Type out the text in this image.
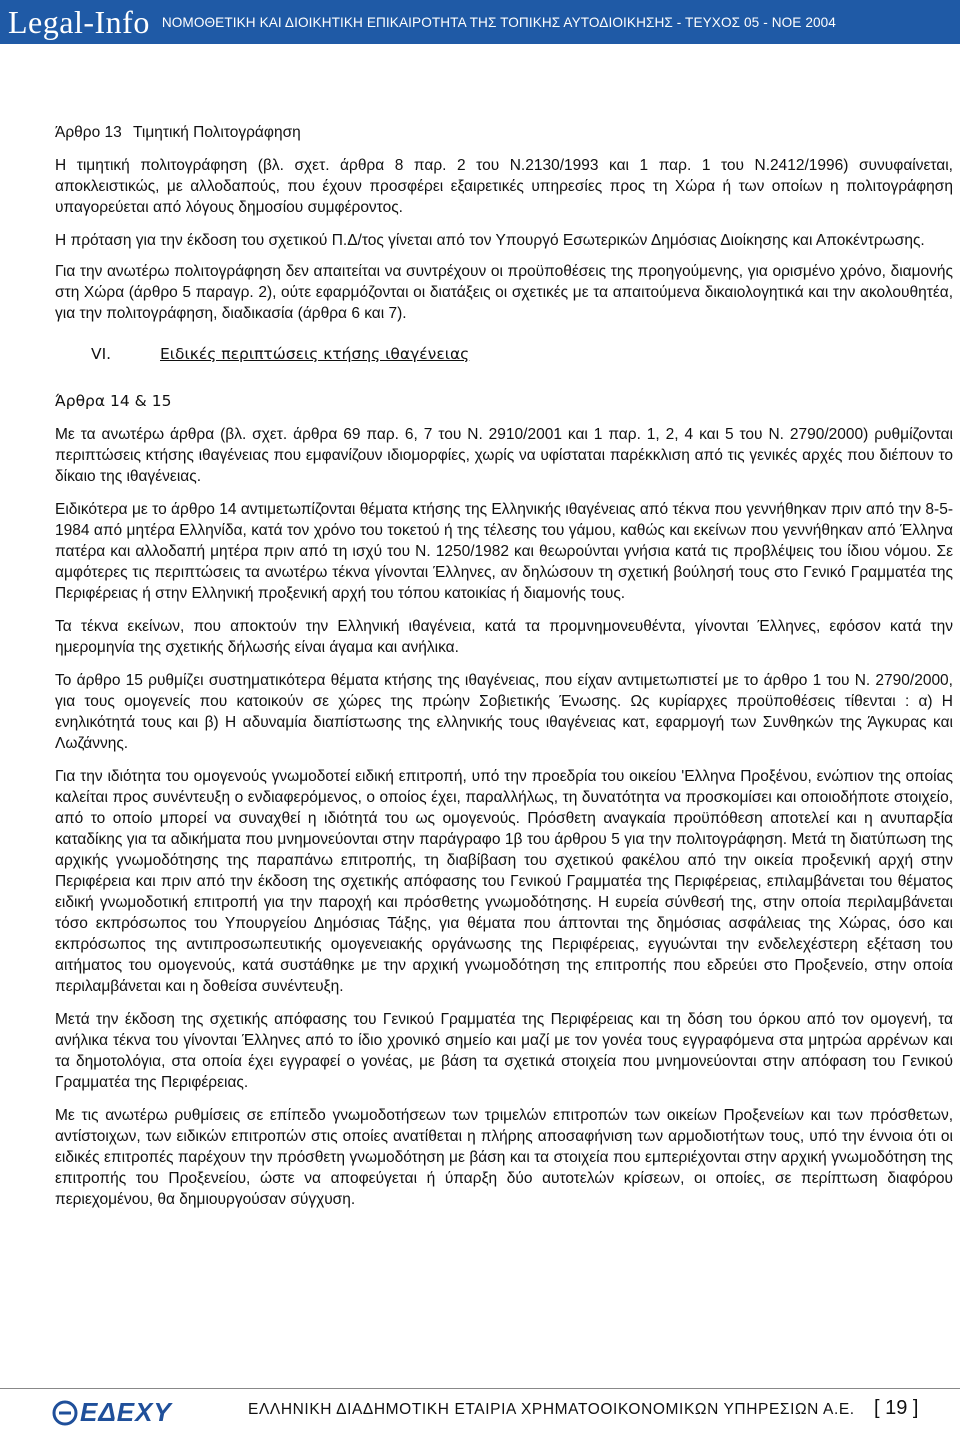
Legal-Info ΝΟΜΟΘΕΤΙΚΗ ΚΑΙ ΔΙΟΙΚΗΤΙΚΗ ΕΠΙΚΑΙΡΟΤΗΤΑ ΤΗΣ ΤΟΠΙΚΗΣ ΑΥΤΟΔΙΟΙΚΗΣΗΣ - ΤΕΥΧΟΣ 05 - ΝΟΕ 2004

Άρθρο 13 Τιμητική Πολιτογράφηση

Η τιμητική πολιτογράφηση (βλ. σχετ. άρθρα 8 παρ. 2 του Ν.2130/1993 και 1 παρ. 1 του Ν.2412/1996) συνυφαίνεται, αποκλειστικώς, με αλλοδαπούς, που έχουν προσφέρει εξαιρετικές υπηρεσίες προς τη Χώρα ή των οποίων η πολιτογράφηση υπαγορεύεται από λόγους δημοσίου συμφέροντος.

Η πρόταση για την έκδοση του σχετικού Π.Δ/τος γίνεται από τον Υπουργό Εσωτερικών Δημόσιας Διοίκησης και Αποκέντρωσης.

Για την ανωτέρω πολιτογράφηση δεν απαιτείται να συντρέχουν οι προϋποθέσεις της προηγούμενης, για ορισμένο χρόνο, διαμονής στη Χώρα (άρθρο 5 παραγρ. 2), ούτε εφαρμόζονται οι διατάξεις οι σχετικές με τα απαιτούμενα δικαιολογητικά και την ακολουθητέα, για την πολιτογράφηση, διαδικασία (άρθρα 6 και 7).

VI.	Ειδικές περιπτώσεις κτήσης ιθαγένειας

Άρθρα 14 & 15

Με τα ανωτέρω άρθρα (βλ. σχετ. άρθρα 69 παρ. 6, 7 του Ν. 2910/2001 και 1 παρ. 1, 2, 4 και 5 του Ν. 2790/2000) ρυθμίζονται περιπτώσεις κτήσης ιθαγένειας που εμφανίζουν ιδιομορφίες, χωρίς να υφίσταται παρέκκλιση από τις γενικές αρχές που διέπουν το δίκαιο της ιθαγένειας.

Ειδικότερα με το άρθρο 14 αντιμετωπίζονται θέματα κτήσης της Ελληνικής ιθαγένειας από τέκνα που γεννήθηκαν πριν από την 8-5-1984 από μητέρα Ελληνίδα, κατά τον χρόνο του τοκετού ή της τέλεσης του γάμου, καθώς και εκείνων που γεννήθηκαν από Έλληνα πατέρα και αλλοδαπή μητέρα πριν από τη ισχύ του Ν. 1250/1982 και θεωρούνται γνήσια κατά τις προβλέψεις του ίδιου νόμου. Σε αμφότερες τις περιπτώσεις τα ανωτέρω τέκνα γίνονται Έλληνες, αν δηλώσουν τη σχετική βούλησή τους στο Γενικό Γραμματέα της Περιφέρειας ή στην Ελληνική προξενική αρχή του τόπου κατοικίας ή διαμονής τους.

Τα τέκνα εκείνων, που αποκτούν την Ελληνική ιθαγένεια, κατά τα προμνημονευθέντα, γίνονται Έλληνες, εφόσον κατά την ημερομηνία της σχετικής δήλωσής είναι άγαμα και ανήλικα.

Το άρθρο 15 ρυθμίζει συστηματικότερα θέματα κτήσης της ιθαγένειας, που είχαν αντιμετωπιστεί με το άρθρο 1 του Ν. 2790/2000, για τους ομογενείς που κατοικούν σε χώρες της πρώην Σοβιετικής Ένωσης. Ως κυρίαρχες προϋποθέσεις τίθενται : α) Η ενηλικότητά τους και β) Η αδυναμία διαπίστωσης της ελληνικής τους ιθαγένειας κατ, εφαρμογή των Συνθηκών της Άγκυρας και Λωζάννης.

Για την ιδιότητα του ομογενούς γνωμοδοτεί ειδική επιτροπή, υπό την προεδρία του οικείου 'Ελληνα Προξένου, ενώπιον της οποίας καλείται προς συνέντευξη ο ενδιαφερόμενος, ο οποίος έχει, παραλλήλως, τη δυνατότητα να προσκομίσει και οποιοδήποτε στοιχείο, από το οποίο μπορεί να συναχθεί η ιδιότητά του ως ομογενούς. Πρόσθετη αναγκαία προϋπόθεση αποτελεί και η ανυπαρξία καταδίκης για τα αδικήματα που μνημονεύονται στην παράγραφο 1β του άρθρου 5 για την πολιτογράφηση. Μετά τη διατύπωση της αρχικής γνωμοδότησης της παραπάνω επιτροπής, τη διαβίβαση του σχετικού φακέλου από την οικεία προξενική αρχή στην Περιφέρεια και πριν από την έκδοση της σχετικής απόφασης του Γενικού Γραμματέα της Περιφέρειας, επιλαμβάνεται του θέματος ειδική γνωμοδοτική επιτροπή για την παροχή και πρόσθετης γνωμοδότησης. Η ευρεία σύνθεσή της, στην οποία περιλαμβάνεται τόσο εκπρόσωπος του Υπουργείου Δημόσιας Τάξης, για θέματα που άπτονται της δημόσιας ασφάλειας της Χώρας, όσο και εκπρόσωπος της αντιπροσωπευτικής ομογενειακής οργάνωσης της Περιφέρειας, εγγυώνται την ενδελεχέστερη εξέταση του αιτήματος του ομογενούς, κατά συστάθηκε με την αρχική γνωμοδότηση της επιτροπής που εδρεύει στο Προξενείο, στην οποία περιλαμβάνεται και η δοθείσα συνέντευξη.

Μετά την έκδοση της σχετικής απόφασης του Γενικού Γραμματέα της Περιφέρειας και τη δόση του όρκου από τον ομογενή, τα ανήλικα τέκνα του γίνονται Έλληνες από το ίδιο χρονικό σημείο και μαζί με τον γονέα τους εγγραφόμενα στα μητρώα αρρένων και τα δημοτολόγια, στα οποία έχει εγγραφεί ο γονέας, με βάση τα σχετικά στοιχεία που μνημονεύονται στην απόφαση του Γενικού Γραμματέα της Περιφέρειας.

Με τις ανωτέρω ρυθμίσεις σε επίπεδο γνωμοδοτήσεων των τριμελών επιτροπών των οικείων Προξενείων και των πρόσθετων, αντίστοιχων, των ειδικών επιτροπών στις οποίες ανατίθεται η πλήρης αποσαφήνιση των αρμοδιοτήτων τους, υπό την έννοια ότι οι ειδικές επιτροπές παρέχουν την πρόσθετη γνωμοδότηση με βάση και τα στοιχεία που εμπεριέχονται στην αρχική γνωμοδότηση της επιτροπής του Προξενείου, ώστε να αποφεύγεται ή ύπαρξη δύο αυτοτελών κρίσεων, οι οποίες, σε περίπτωση διαφόρου περιεχομένου, θα δημιουργούσαν σύγχυση.

ΕΔΕΧΥ	ΕΛΛΗΝΙΚΗ ΔΙΑΔΗΜΟΤΙΚΗ ΕΤΑΙΡΙΑ ΧΡΗΜΑΤΟΟΙΚΟΝΟΜΙΚΩΝ ΥΠΗΡΕΣΙΩΝ Α.Ε. [ 19 ]
